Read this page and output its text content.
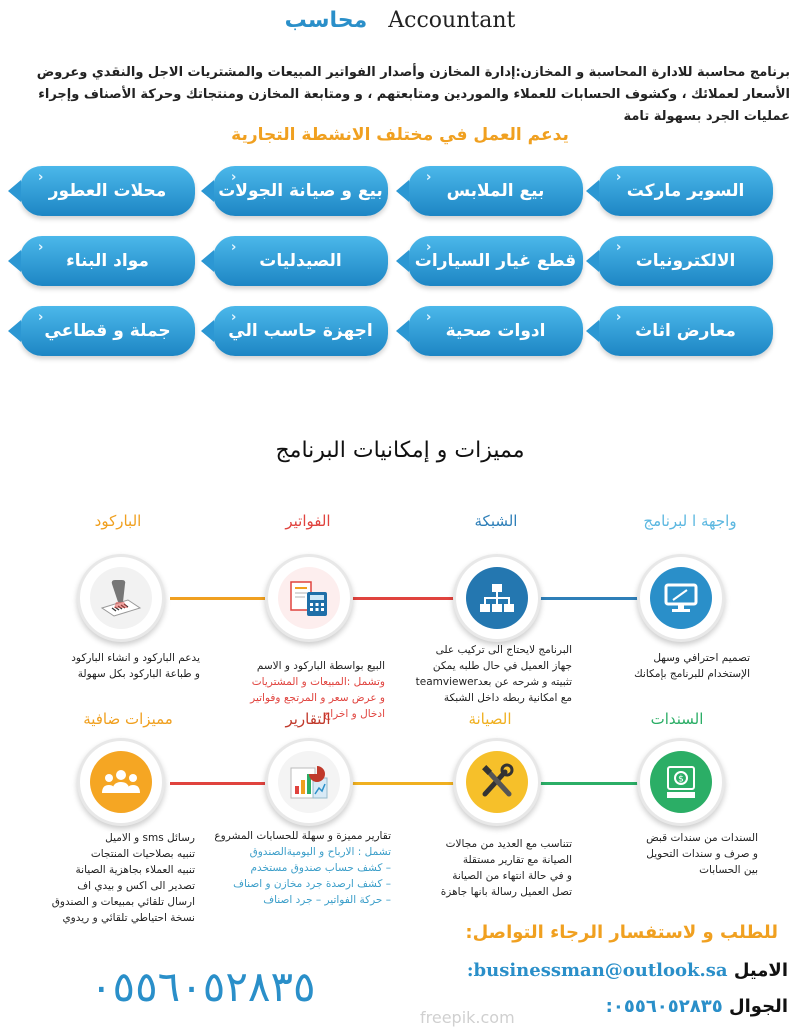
محاسب Accountant
برنامج محاسبة للادارة المحاسبة و المخازن:إدارة المخازن وأصدار الفواتير المبيعات والمشتريات الاجل والنقدي وعروض الأسعار لعملائك ، وكشوف الحسابات للعملاء والموردين ومتابعتهم ، و ومتابعة المخازن ومنتجاتك وحركة الأصناف وإجراء عمليات الجرد بسهولة تامة
يدعم العمل في مختلف الانشطة التجارية
‹
السوبر ماركت
‹
بيع الملابس
‹
بيع و صيانة الجولات
‹
محلات العطور
‹
الالكترونيات
‹
قطع غيار السيارات
‹
الصيدليات
‹
مواد البناء
‹
معارض اثاث
‹
ادوات صحية
‹
اجهزة حاسب الي
‹
جملة و قطاعي
مميزات و إمكانيات البرنامج
واجهة ا لبرنامج
تصميم احترافي وسهل
الإستخدام للبرنامج بإمكانك
الشبكة
البرنامج لايحتاج الى تركيب على
جهاز العميل في حال طلبه يمكن
تثبيته و شرحه عن بعدteamviewer
مع امكانية ربطه داخل الشبكة
الفواتير
البيع بواسطة الباركود و الاسم
وتشمل :المبيعات و المشتريات
و عرض سعر و المرتجع وفواتير
ادخال و اخراج
الباركود
يدعم الباركود و انشاء الباركود
و طباعة الباركود بكل سهولة
السندات
$
السندات من سندات قبض
و صرف و سندات التحويل
بين الحسابات
الصيانة
تتناسب مع العديد من مجالات
الصيانة مع تقارير مستقلة
و في حالة انتهاء من الصيانة
تصل العميل رسالة بانها جاهزة
التقارير
تقارير مميزة و سهلة للحسابات المشروع
تشمل : الارباح و اليوميةالصندوق
– كشف حساب صندوق مستخدم
– كشف ارصدة جرد مخازن و اصناف
– حركة الفواتير – جرد اصناف
مميزات ضافية
رسائل sms و الاميل
تنبيه بصلاحيات المنتجات
تنبيه العملاء بجاهزية الصيانة
تصدير الى اكس و بيدي اف
ارسال تلقائي بمبيعات و الصندوق
نسخة احتياطي تلقائي و ريدوي
للطلب و لاستفسار الرجاء التواصل:
الاميل businessman@outlook.sa:
الجوال ٠٥٥٦٠٥٢٨٣٥:
٠٥٥٦٠٥٢٨٣٥
freepik.com
